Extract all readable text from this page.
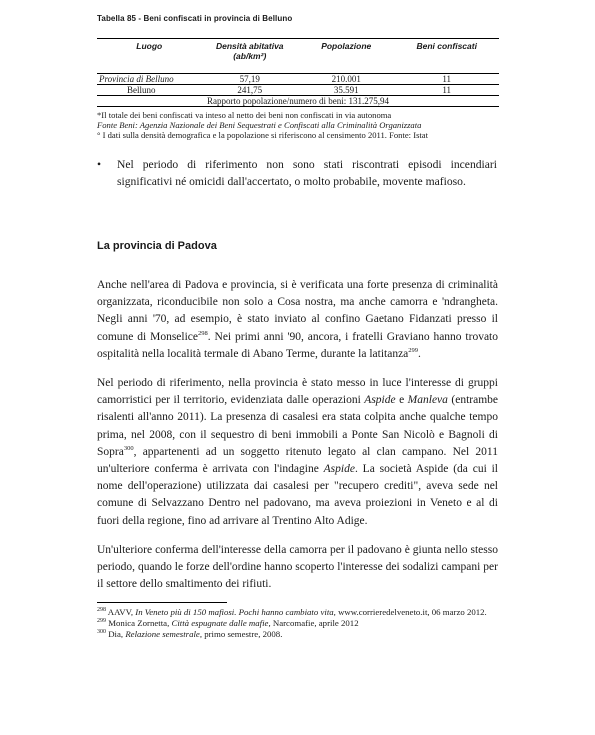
Tabella 85 - Beni confiscati in provincia di Belluno
Luogo	Densità abitativa (ab/km²)	Popolazione	Beni confiscati
Provincia di Belluno	57,19	210.001	11
Belluno	241,75	35.591	11
Rapporto popolazione/numero di beni: 131.275,94			

*Il totale dei beni confiscati va inteso al netto dei beni non confiscati in via autonoma

Fonte Beni: Agenzia Nazionale dei Beni Sequestrati e Confiscati alla Criminalità Organizzata

° I dati sulla densità demografica e la popolazione si riferiscono al censimento 2011. Fonte: Istat

•	Nel periodo di riferimento non sono stati riscontrati episodi incendiari significativi né omicidi dall'accertato, o molto probabile, movente mafioso.
La provincia di Padova

Anche nell'area di Padova e provincia, si è verificata una forte presenza di criminalità organizzata, riconducibile non solo a Cosa nostra, ma anche camorra e 'ndrangheta. Negli anni '70, ad esempio, è stato inviato al confino Gaetano Fidanzati presso il comune di Monselice$^{298}$. Nei primi anni '90, ancora, i fratelli Graviano hanno trovato ospitalità nella località termale di Abano Terme, durante la latitanza$^{299}$.

Nel periodo di riferimento, nella provincia è stato messo in luce l'interesse di gruppi camorristici per il territorio, evidenziata dalle operazioni Aspide e Manleva (entrambe risalenti all'anno 2011). La presenza di casalesi era stata colpita anche qualche tempo prima, nel 2008, con il sequestro di beni immobili a Ponte San Nicolò e Bagnoli di Sopra$^{300}$, appartenenti ad un soggetto ritenuto legato al clan campano. Nel 2011 un'ulteriore conferma è arrivata con l'indagine Aspide. La società Aspide (da cui il nome dell'operazione) utilizzata dai casalesi per "recupero crediti", aveva sede nel comune di Selvazzano Dentro nel padovano, ma aveva proiezioni in Veneto e al di fuori della regione, fino ad arrivare al Trentino Alto Adige.

Un'ulteriore conferma dell'interesse della camorra per il padovano è giunta nello stesso periodo, quando le forze dell'ordine hanno scoperto l'interesse dei sodalizi campani per il settore dello smaltimento dei rifiuti.

$^{298}$ AAVV, In Veneto più di 150 mafiosi. Pochi hanno cambiato vita, www.corrieredelveneto.it, 06 marzo 2012.

$^{299}$ Monica Zornetta, Città espugnate dalle mafie, Narcomafie, aprile 2012

$^{300}$ Dia, Relazione semestrale, primo semestre, 2008.
